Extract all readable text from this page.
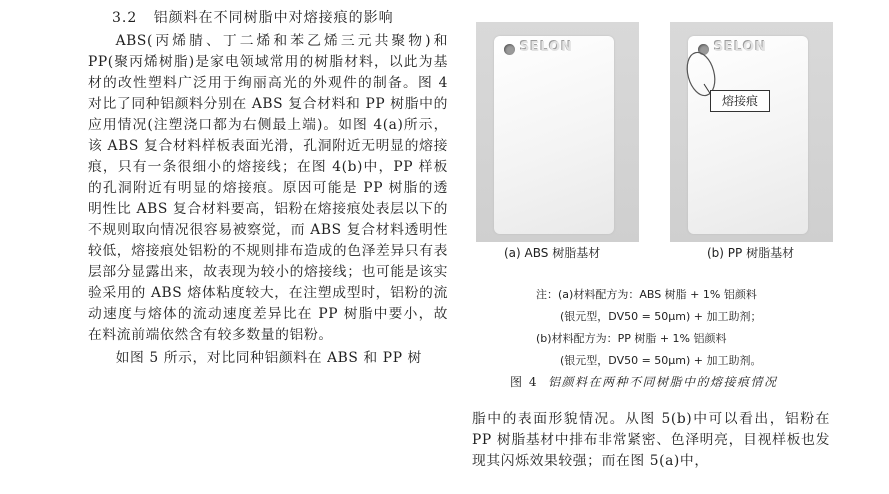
3.2 铝颜料在不同树脂中对熔接痕的影响

ABS(丙烯腈、丁二烯和苯乙烯三元共聚物)和 PP(聚丙烯树脂)是家电领域常用的树脂材料，以此为基材的改性塑料广泛用于绚丽高光的外观件的制备。图 4 对比了同种铝颜料分别在 ABS 复合材料和 PP 树脂中的应用情况(注塑浇口都为右侧最上端)。如图 4(a)所示，该 ABS 复合材料样板表面光滑，孔洞附近无明显的熔接痕，只有一条很细小的熔接线；在图 4(b)中，PP 样板的孔洞附近有明显的熔接痕。原因可能是 PP 树脂的透明性比 ABS 复合材料要高，铝粉在熔接痕处表层以下的不规则取向情况很容易被察觉，而 ABS 复合材料透明性较低，熔接痕处铝粉的不规则排布造成的色泽差异只有表层部分显露出来，故表现为较小的熔接线；也可能是该实验采用的 ABS 熔体粘度较大，在注塑成型时，铝粉的流动速度与熔体的流动速度差异比在 PP 树脂中要小，故在料流前端依然含有较多数量的铝粉。

如图 5 所示，对比同种铝颜料在 ABS 和 PP 树

SELON	SELON
熔接痕
(a) ABS 树脂基材	(b) PP 树脂基材
注：(a)材料配方为：ABS 树脂 + 1% 铝颜料
(银元型，DV50 = 50μm) + 加工助剂；
(b)材料配方为：PP 树脂 + 1% 铝颜料
(银元型，DV50 = 50μm) + 加工助剂。
图 4 铝颜料在两种不同树脂中的熔接痕情况

脂中的表面形貌情况。从图 5(b)中可以看出，铝粉在 PP 树脂基材中排布非常紧密、色泽明亮，目视样板也发现其闪烁效果较强；而在图 5(a)中，
